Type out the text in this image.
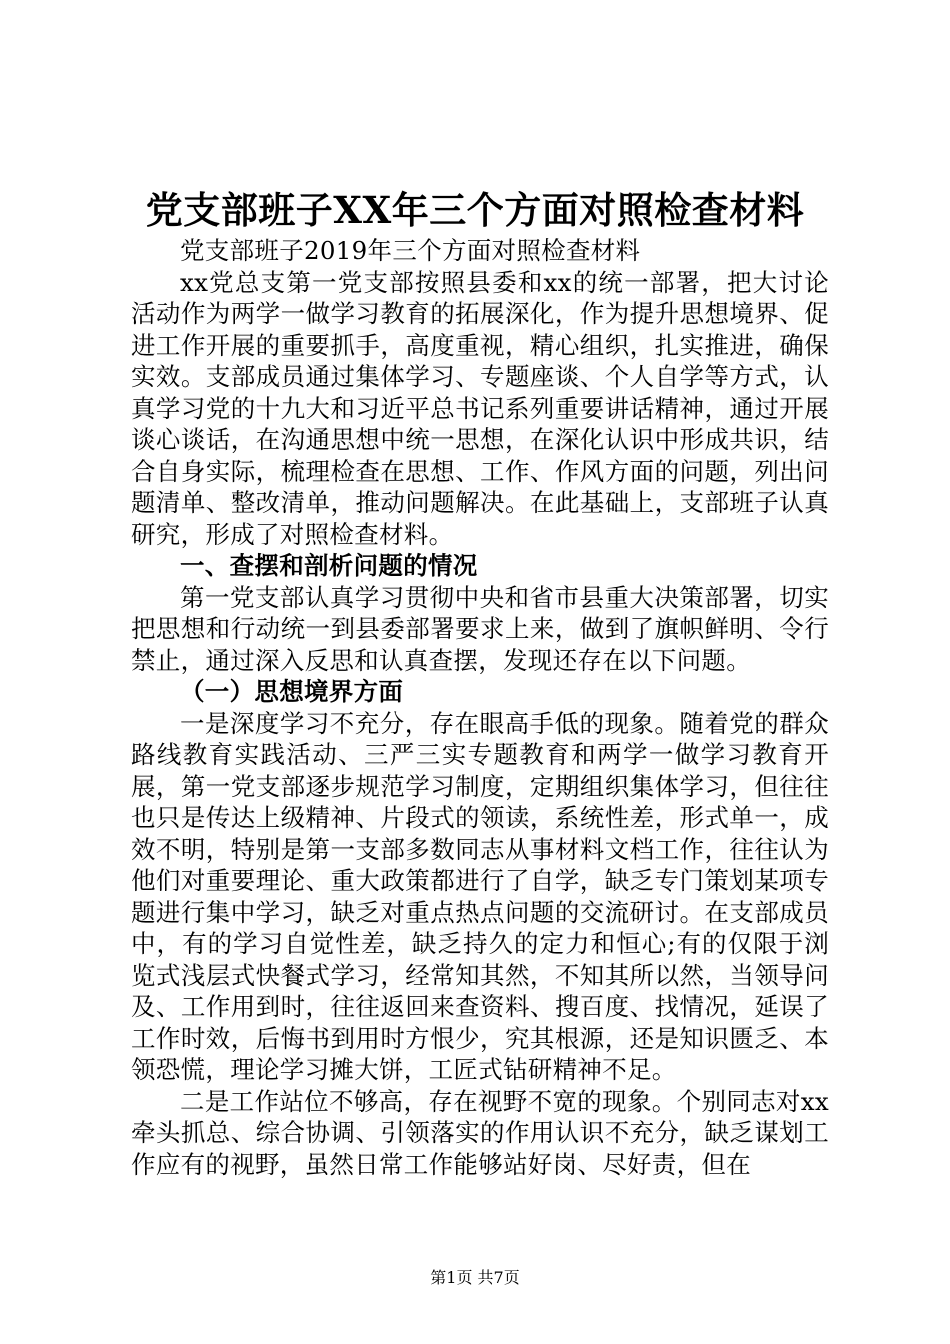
党支部班子XX年三个方面对照检查材料

党支部班子2019年三个方面对照检查材料

xx党总支第一党支部按照县委和xx的统一部署，把大讨论活动作为两学一做学习教育的拓展深化，作为提升思想境界、促进工作开展的重要抓手，高度重视，精心组织，扎实推进，确保实效。支部成员通过集体学习、专题座谈、个人自学等方式，认真学习党的十九大和习近平总书记系列重要讲话精神，通过开展谈心谈话，在沟通思想中统一思想，在深化认识中形成共识，结合自身实际，梳理检查在思想、工作、作风方面的问题，列出问题清单、整改清单，推动问题解决。在此基础上，支部班子认真研究，形成了对照检查材料。

一、查摆和剖析问题的情况

第一党支部认真学习贯彻中央和省市县重大决策部署，切实把思想和行动统一到县委部署要求上来，做到了旗帜鲜明、令行禁止，通过深入反思和认真查摆，发现还存在以下问题。

（一）思想境界方面

一是深度学习不充分，存在眼高手低的现象。随着党的群众路线教育实践活动、三严三实专题教育和两学一做学习教育开展，第一党支部逐步规范学习制度，定期组织集体学习，但往往也只是传达上级精神、片段式的领读，系统性差，形式单一，成效不明，特别是第一支部多数同志从事材料文档工作，往往认为他们对重要理论、重大政策都进行了自学，缺乏专门策划某项专题进行集中学习，缺乏对重点热点问题的交流研讨。在支部成员中，有的学习自觉性差，缺乏持久的定力和恒心;有的仅限于浏览式浅层式快餐式学习，经常知其然，不知其所以然，当领导问及、工作用到时，往往返回来查资料、搜百度、找情况，延误了工作时效，后悔书到用时方恨少，究其根源，还是知识匮乏、本领恐慌，理论学习摊大饼，工匠式钻研精神不足。

二是工作站位不够高，存在视野不宽的现象。个别同志对xx牵头抓总、综合协调、引领落实的作用认识不充分，缺乏谋划工作应有的视野，虽然日常工作能够站好岗、尽好责，但在

第1页 共7页
